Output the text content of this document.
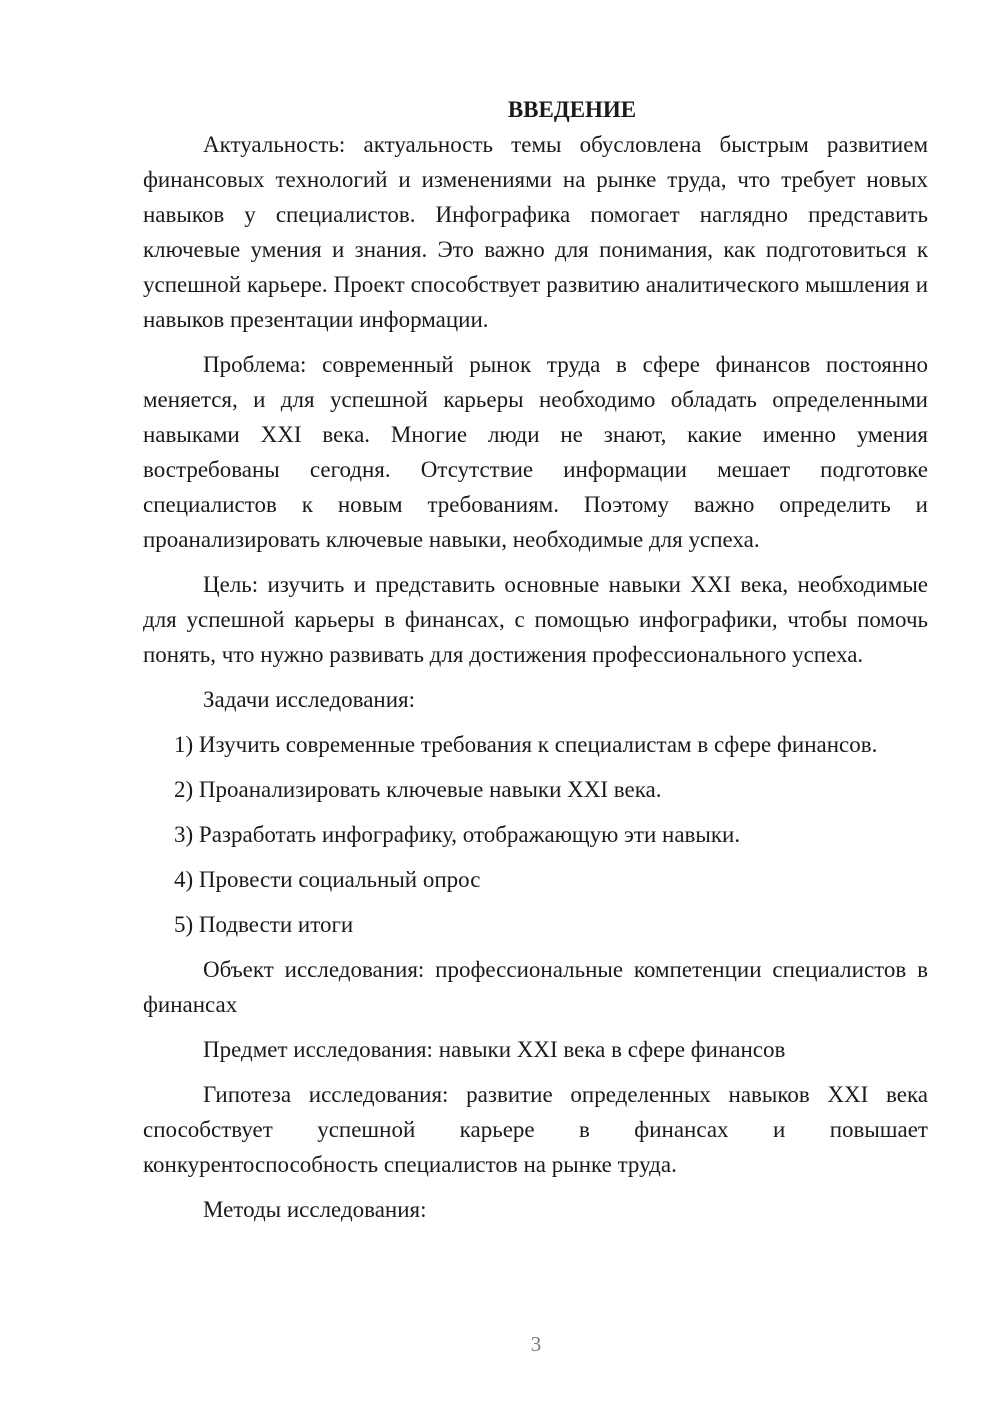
ВВЕДЕНИЕ

Актуальность: актуальность темы обусловлена быстрым развитием финансовых технологий и изменениями на рынке труда, что требует новых навыков у специалистов. Инфографика помогает наглядно представить ключевые умения и знания. Это важно для понимания, как подготовиться к успешной карьере. Проект способствует развитию аналитического мышления и навыков презентации информации.

Проблема: современный рынок труда в сфере финансов постоянно меняется, и для успешной карьеры необходимо обладать определенными навыками XXI века. Многие люди не знают, какие именно умения востребованы сегодня. Отсутствие информации мешает подготовке специалистов к новым требованиям. Поэтому важно определить и проанализировать ключевые навыки, необходимые для успеха.

Цель: изучить и представить основные навыки XXI века, необходимые для успешной карьеры в финансах, с помощью инфографики, чтобы помочь понять, что нужно развивать для достижения профессионального успеха.

Задачи исследования:

1) Изучить современные требования к специалистам в сфере финансов.
2) Проанализировать ключевые навыки XXI века.
3) Разработать инфографику, отображающую эти навыки.
4) Провести социальный опрос
5) Подвести итоги

Объект исследования: профессиональные компетенции специалистов в финансах

Предмет исследования: навыки XXI века в сфере финансов

Гипотеза исследования: развитие определенных навыков XXI века способствует успешной карьере в финансах и повышает конкурентоспособность специалистов на рынке труда.

Методы исследования:

3
